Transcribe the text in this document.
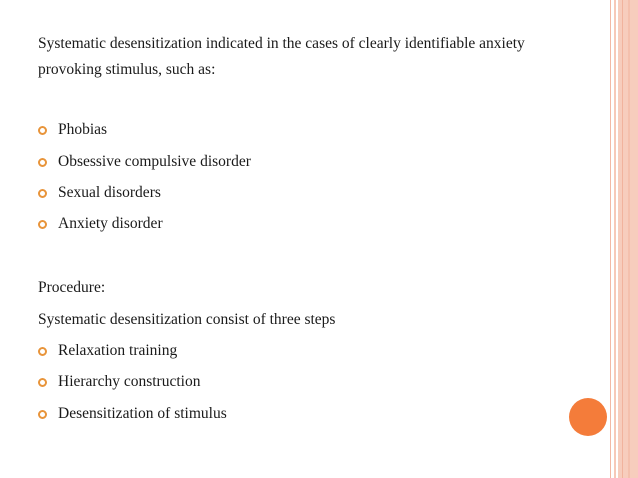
Systematic desensitization indicated in the cases of clearly identifiable anxiety
provoking stimulus, such as:
Phobias
Obsessive compulsive disorder
Sexual disorders
Anxiety disorder
Procedure:
Systematic desensitization consist of three steps
Relaxation training
Hierarchy construction
Desensitization of stimulus
